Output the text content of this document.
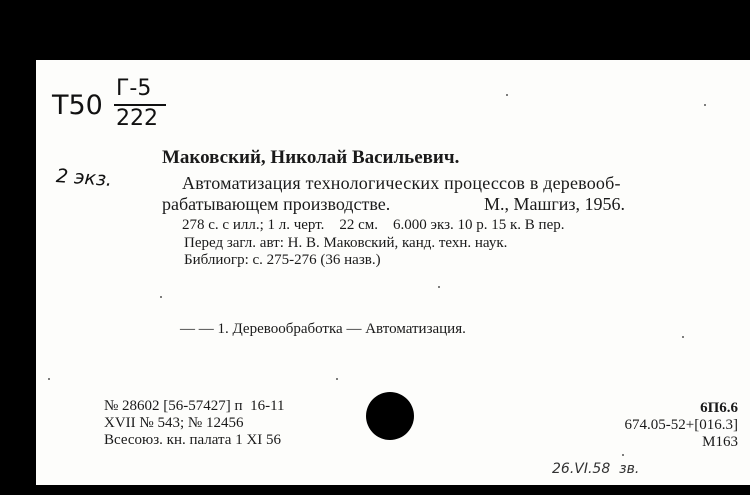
Т50
Г-5
222
2 экз.
Маковский, Николай Васильевич.
Автоматизация технологических процессов в деревооб-
рабатывающем производстве.	М., Машгиз, 1956.
278 с. с илл.; 1 л. черт.    22 см.    6.000 экз. 10 р. 15 к. В пер.
Перед загл. авт: Н. В. Маковский, канд. техн. наук.
Библиогр: с. 275-276 (36 назв.)
— — 1. Деревообработка — Автоматизация.
№ 28602 [56-57427] п  16-11
XVII № 543; № 12456
Всесоюз. кн. палата 1 XI 56
6П6.6
674.05-52+[016.3]
М163
26.VI.58  зв.
